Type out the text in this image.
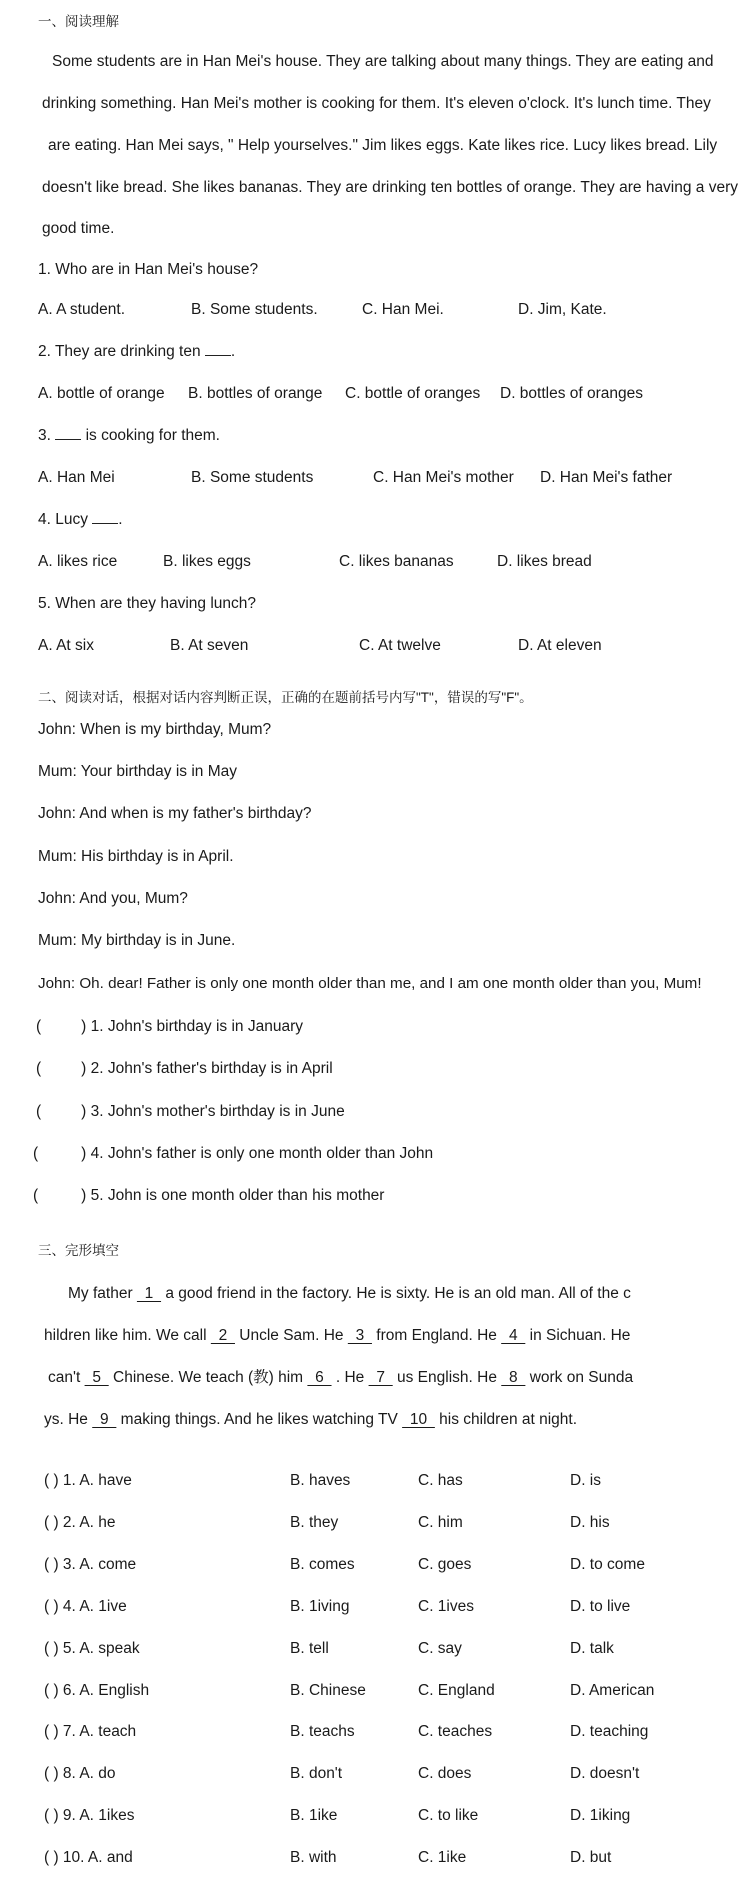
一、阅读理解
Some students are in Han Mei's house. They are talking about many things. They are eating and
drinking something. Han Mei's mother is cooking for them. It's eleven o'clock. It's lunch time. They
are eating. Han Mei says, " Help yourselves." Jim likes eggs. Kate likes rice. Lucy likes bread. Lily
doesn't like bread. She likes bananas. They are drinking ten bottles of orange. They are having a very
good time.
1. Who are in Han Mei's house?
A. A student.	B. Some students.	C. Han Mei.	D. Jim, Kate.
2. They are drinking ten .
A. bottle of orange B. bottles of orange C. bottle of oranges D. bottles of oranges
3. is cooking for them.
A. Han Mei	B. Some students	C. Han Mei's mother D. Han Mei's father
4. Lucy .
A. likes rice	B. likes eggs	C. likes bananas	D. likes bread
5. When are they having lunch?
A. At six	B. At seven	C. At twelve	D. At eleven
二、阅读对话，根据对话内容判断正误，正确的在题前括号内写"T"，错误的写"F"。
John: When is my birthday, Mum?
Mum: Your birthday is in May
John: And when is my father's birthday?
Mum: His birthday is in April.
John: And you, Mum?
Mum: My birthday is in June.
John: Oh. dear! Father is only one month older than me, and I am one month older than you, Mum!
(	) 1. John's birthday is in January
(	) 2. John's father's birthday is in April
(	) 3. John's mother's birthday is in June
(	) 4. John's father is only one month older than John
(	) 5. John is one month older than his mother
三、完形填空
My father  1  a good friend in the factory. He is sixty. He is an old man. All of the c
hildren like him. We call  2  Uncle Sam. He  3  from England. He  4  in Sichuan. He
can't  5  Chinese. We teach (教) him  6  . He  7  us English. He  8  work on Sunda
ys. He  9  making things. And he likes watching TV  10  his children at night.
( ) 1. A. have	B. haves	C. has	D. is
( ) 2. A. he	B. they	C. him	D. his
( ) 3. A. come	B. comes	C. goes	D. to come
( ) 4. A. 1ive	B. 1iving	C. 1ives	D. to live
( ) 5. A. speak	B. tell	C. say	D. talk
( ) 6. A. English	B. Chinese	C. England	D. American
( ) 7. A. teach	B. teachs	C. teaches	D. teaching
( ) 8. A. do	B. don't	C. does	D. doesn't
( ) 9. A. 1ikes	B. 1ike	C. to like	D. 1iking
( ) 10. A. and	B. with	C. 1ike	D. but
